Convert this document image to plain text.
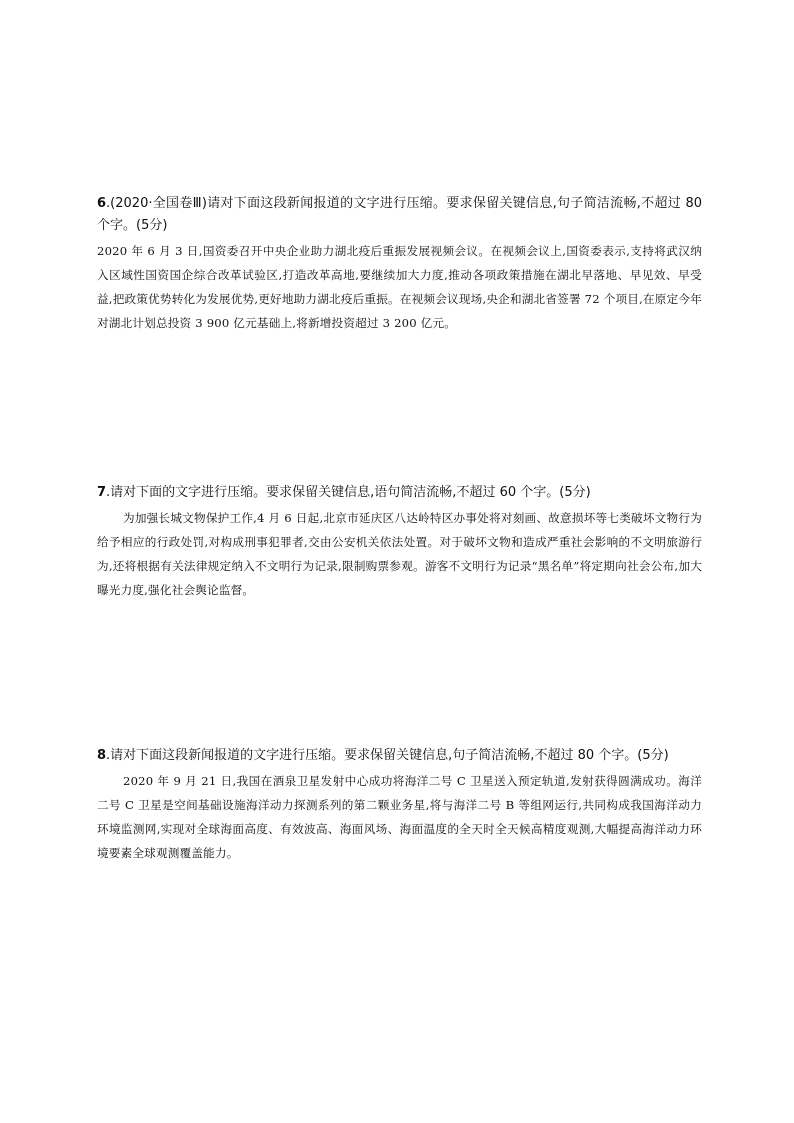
6.(2020·全国卷Ⅲ)请对下面这段新闻报道的文字进行压缩。要求保留关键信息,句子简洁流畅,不超过 80 个字。(5分)

2020 年 6 月 3 日,国资委召开中央企业助力湖北疫后重振发展视频会议。在视频会议上,国资委表示,支持将武汉纳入区域性国资国企综合改革试验区,打造改革高地,要继续加大力度,推动各项政策措施在湖北早落地、早见效、早受益,把政策优势转化为发展优势,更好地助力湖北疫后重振。在视频会议现场,央企和湖北省签署 72 个项目,在原定今年对湖北计划总投资 3 900 亿元基础上,将新增投资超过 3 200 亿元。

7.请对下面的文字进行压缩。要求保留关键信息,语句简洁流畅,不超过 60 个字。(5分)

为加强长城文物保护工作,4 月 6 日起,北京市延庆区八达岭特区办事处将对刻画、故意损坏等七类破坏文物行为给予相应的行政处罚,对构成刑事犯罪者,交由公安机关依法处置。对于破坏文物和造成严重社会影响的不文明旅游行为,还将根据有关法律规定纳入不文明行为记录,限制购票参观。游客不文明行为记录“黑名单”将定期向社会公布,加大曝光力度,强化社会舆论监督。

8.请对下面这段新闻报道的文字进行压缩。要求保留关键信息,句子简洁流畅,不超过 80 个字。(5分)

2020 年 9 月 21 日,我国在酒泉卫星发射中心成功将海洋二号 C 卫星送入预定轨道,发射获得圆满成功。海洋二号 C 卫星是空间基础设施海洋动力探测系列的第二颗业务星,将与海洋二号 B 等组网运行,共同构成我国海洋动力环境监测网,实现对全球海面高度、有效波高、海面风场、海面温度的全天时全天候高精度观测,大幅提高海洋动力环境要素全球观测覆盖能力。
